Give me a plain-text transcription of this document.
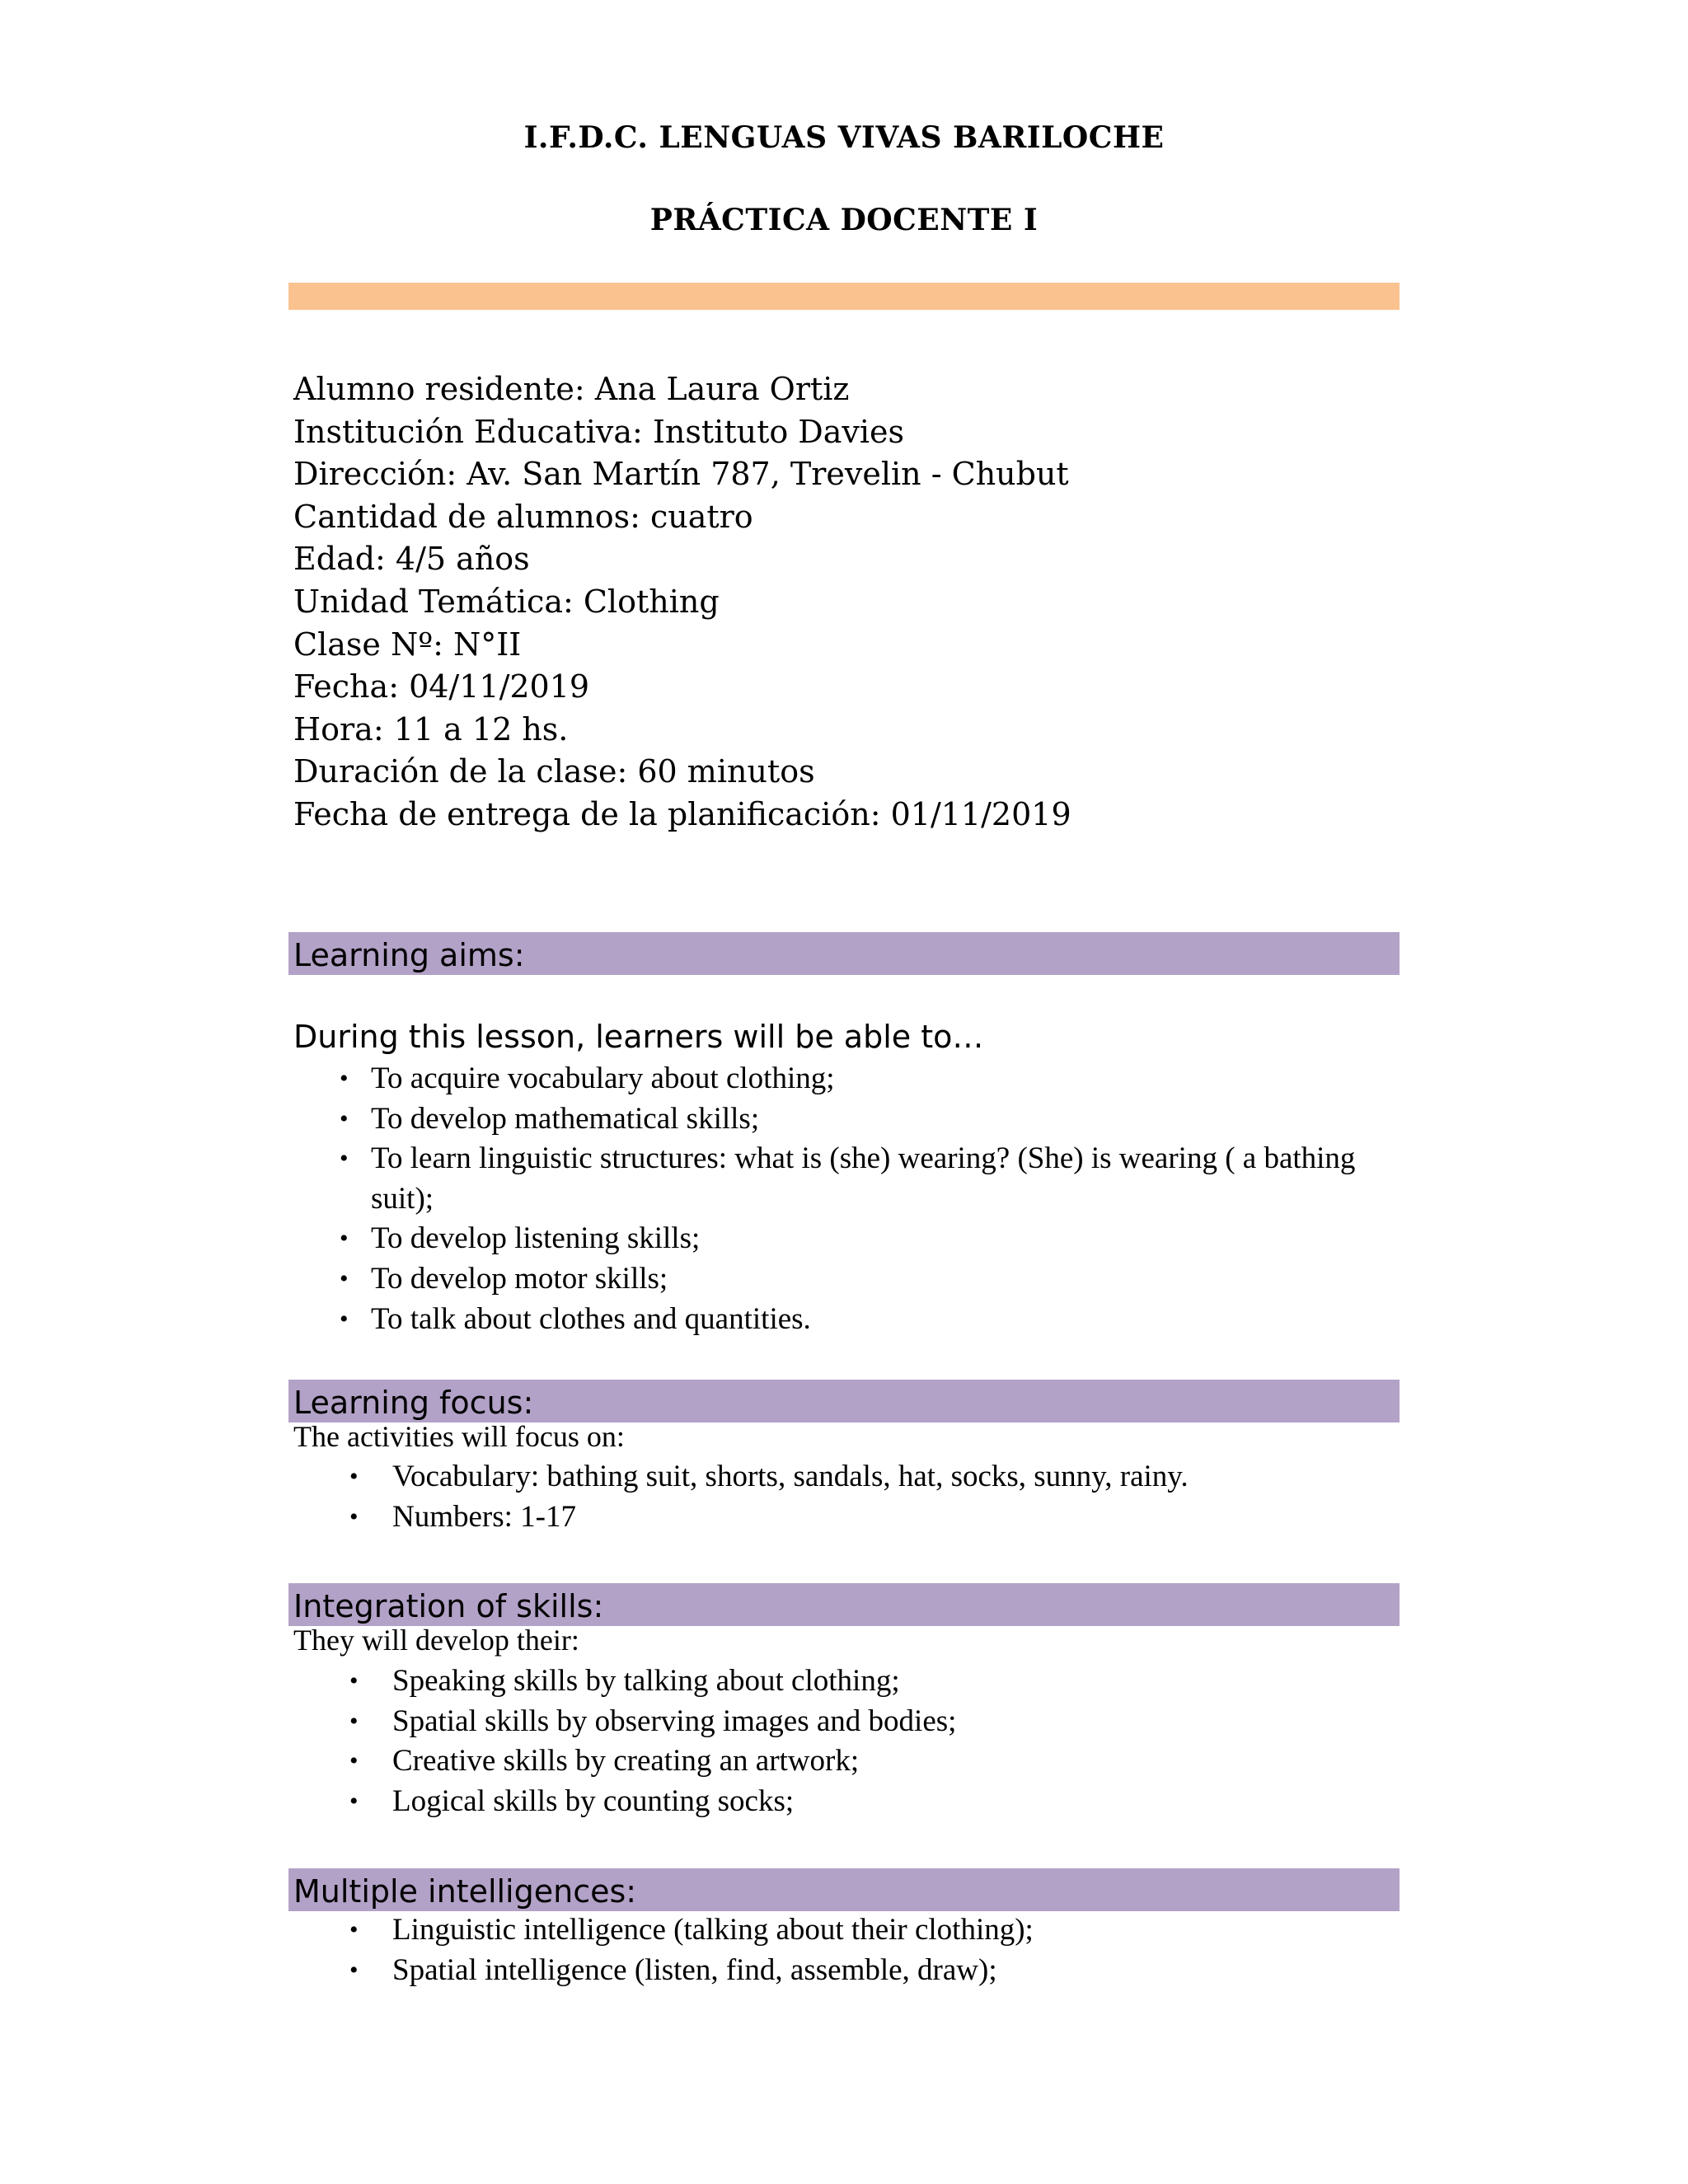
I.F.D.C. LENGUAS VIVAS BARILOCHE
PRÁCTICA DOCENTE I
Alumno residente: Ana Laura Ortiz
Institución Educativa: Instituto Davies
Dirección: Av. San Martín 787, Trevelin - Chubut
Cantidad de alumnos: cuatro
Edad: 4/5 años
Unidad Temática: Clothing
Clase Nº: N°II
Fecha: 04/11/2019
Hora: 11 a 12 hs.
Duración de la clase: 60 minutos
Fecha de entrega de la planificación: 01/11/2019
Learning aims:
During this lesson, learners will be able to…
• To acquire vocabulary about clothing;
• To develop mathematical skills;
• To learn linguistic structures: what is (she) wearing? (She) is wearing ( a bathing suit);
• To develop listening skills;
• To develop motor skills;
• To talk about clothes and quantities.
Learning focus:
The activities will focus on:
• Vocabulary: bathing suit, shorts, sandals, hat, socks, sunny, rainy.
• Numbers: 1-17
Integration of skills:
They will develop their:
• Speaking skills by talking about clothing;
• Spatial skills by observing images and bodies;
• Creative skills by creating an artwork;
• Logical skills by counting socks;
Multiple intelligences:
• Linguistic intelligence (talking about their clothing);
• Spatial intelligence (listen, find, assemble, draw);
